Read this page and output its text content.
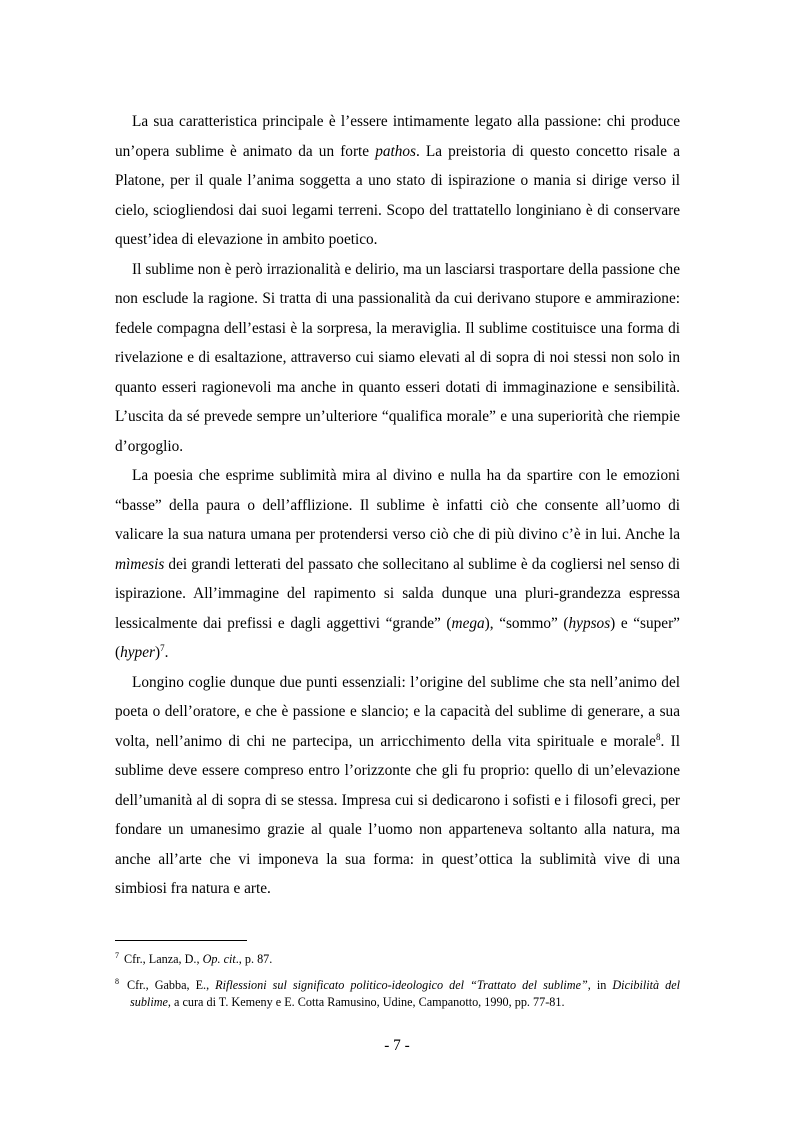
La sua caratteristica principale è l’essere intimamente legato alla passione: chi produce un’opera sublime è animato da un forte pathos. La preistoria di questo concetto risale a Platone, per il quale l’anima soggetta a uno stato di ispirazione o mania si dirige verso il cielo, sciogliendosi dai suoi legami terreni. Scopo del trattatello longiniano è di conservare quest’idea di elevazione in ambito poetico.

Il sublime non è però irrazionalità e delirio, ma un lasciarsi trasportare della passione che non esclude la ragione. Si tratta di una passionalità da cui derivano stupore e ammirazione: fedele compagna dell’estasi è la sorpresa, la meraviglia. Il sublime costituisce una forma di rivelazione e di esaltazione, attraverso cui siamo elevati al di sopra di noi stessi non solo in quanto esseri ragionevoli ma anche in quanto esseri dotati di immaginazione e sensibilità. L’uscita da sé prevede sempre un’ulteriore “qualifica morale” e una superiorità che riempie d’orgoglio.

La poesia che esprime sublimità mira al divino e nulla ha da spartire con le emozioni “basse” della paura o dell’afflizione. Il sublime è infatti ciò che consente all’uomo di valicare la sua natura umana per protendersi verso ciò che di più divino c’è in lui. Anche la mìmesis dei grandi letterati del passato che sollecitano al sublime è da cogliersi nel senso di ispirazione. All’immagine del rapimento si salda dunque una pluri-grandezza espressa lessicalmente dai prefissi e dagli aggettivi “grande” (mega), “sommo” (hypsos) e “super” (hyper)$^7$.

Longino coglie dunque due punti essenziali: l’origine del sublime che sta nell’animo del poeta o dell’oratore, e che è passione e slancio; e la capacità del sublime di generare, a sua volta, nell’animo di chi ne partecipa, un arricchimento della vita spirituale e morale$^8$. Il sublime deve essere compreso entro l’orizzonte che gli fu proprio: quello di un’elevazione dell’umanità al di sopra di se stessa. Impresa cui si dedicarono i sofisti e i filosofi greci, per fondare un umanesimo grazie al quale l’uomo non apparteneva soltanto alla natura, ma anche all’arte che vi imponeva la sua forma: in quest’ottica la sublimità vive di una simbiosi fra natura e arte.

$^7$ Cfr., Lanza, D., Op. cit., p. 87.

$^8$ Cfr., Gabba, E., Riflessioni sul significato politico-ideologico del “Trattato del sublime”, in Dicibilità del sublime, a cura di T. Kemeny e E. Cotta Ramusino, Udine, Campanotto, 1990, pp. 77-81.

- 7 -
